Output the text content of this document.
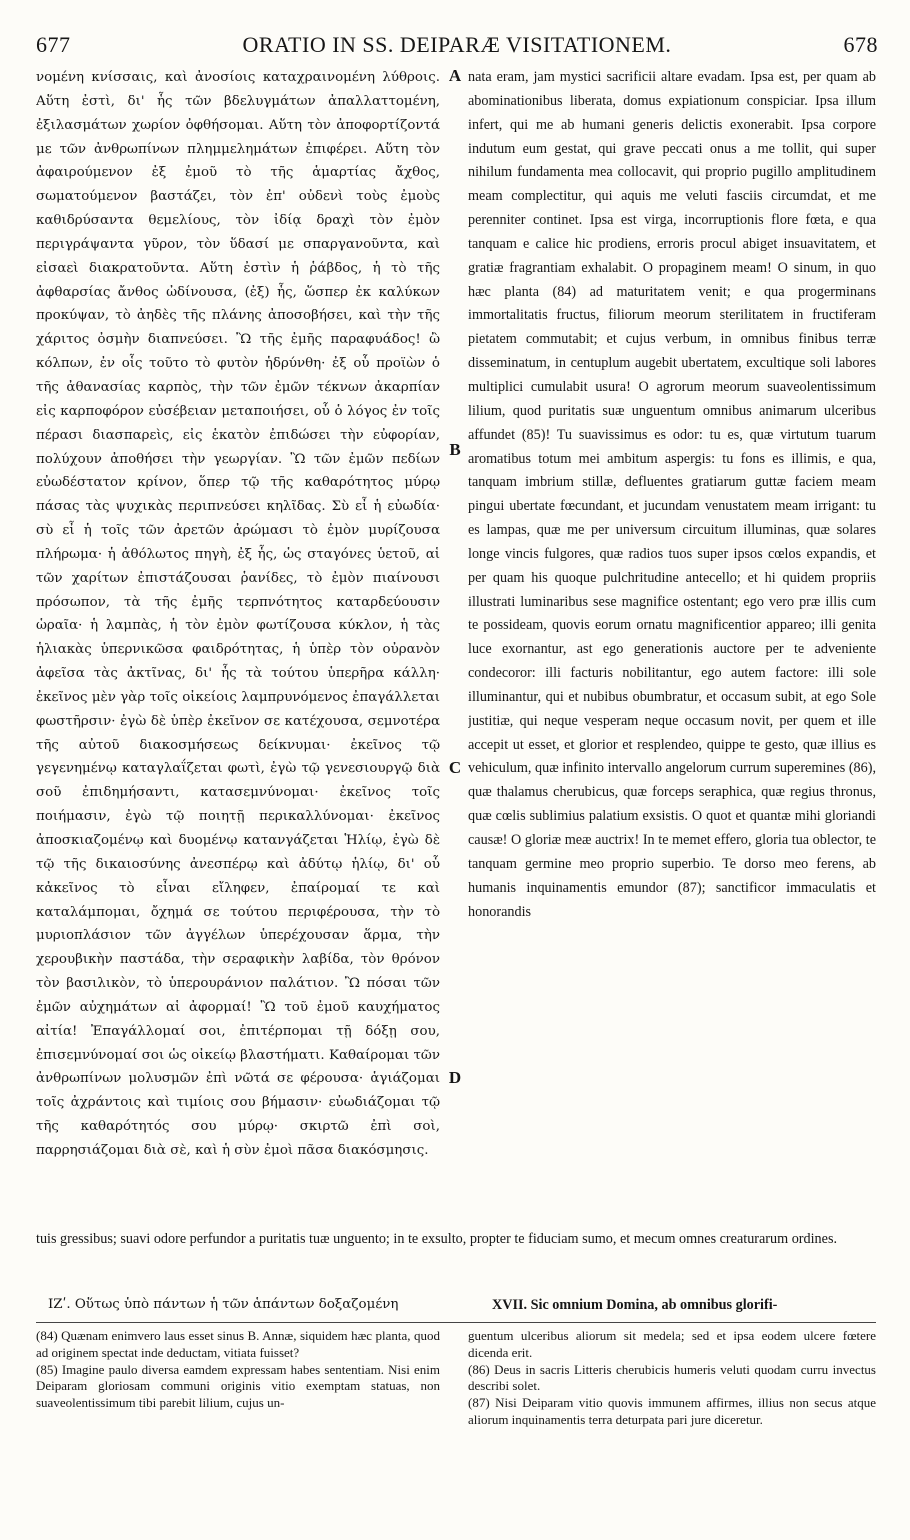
677	ORATIO IN SS. DEIPARÆ VISITATIONEM.	678

νομένη κνίσσαις, καὶ ἀνοσίοις καταχραινομένη λύθροις. Αὕτη ἐστὶ, δι' ἧς τῶν βδελυγμάτων ἀπαλλαττομένη, ἐξιλασμάτων χωρίον ὀφθήσομαι. Αὕτη τὸν ἀποφορτίζοντά με τῶν ἀνθρωπίνων πλημμελημάτων ἐπιφέρει. Αὕτη τὸν ἀφαιρούμενον ἐξ ἐμοῦ τὸ τῆς ἁμαρτίας ἄχθος, σωματούμενον βαστάζει, τὸν ἐπ' οὐδενὶ τοὺς ἐμοὺς καθιδρύσαντα θεμελίους, τὸν ἰδίᾳ δραχὶ τὸν ἐμὸν περιγράψαντα γῦρον, τὸν ὕδασί με σπαργανοῦντα, καὶ εἰσαεὶ διακρατοῦντα. Αὕτη ἐστὶν ἡ ῥάβδος, ἡ τὸ τῆς ἀφθαρσίας ἄνθος ὠδίνουσα, (ἐξ) ἧς, ὥσπερ ἐκ καλύκων προκύψαν, τὸ ἀηδὲς τῆς πλάνης ἀποσοβήσει, καὶ τὴν τῆς χάριτος ὀσμὴν διαπνεύσει. Ὢ τῆς ἐμῆς παραφυάδος! ὢ κόλπων, ἐν οἷς τοῦτο τὸ φυτὸν ἡδρύνθη· ἐξ οὗ προϊὼν ὁ τῆς ἀθανασίας καρπὸς, τὴν τῶν ἐμῶν τέκνων ἀκαρπίαν εἰς καρποφόρον εὐσέβειαν μεταποιήσει, οὗ ὁ λόγος ἐν τοῖς πέρασι διασπαρεὶς, εἰς ἑκατὸν ἐπιδώσει τὴν εὐφορίαν, πολύχουν ἀποθήσει τὴν γεωργίαν. Ὢ τῶν ἐμῶν πεδίων εὐωδέστατον κρίνον, ὅπερ τῷ τῆς καθαρότητος μύρῳ πάσας τὰς ψυχικὰς περιπνεύσει κηλῖδας. Σὺ εἶ ἡ εὐωδία· σὺ εἶ ἡ τοῖς τῶν ἀρετῶν ἀρώμασι τὸ ἐμὸν μυρίζουσα πλήρωμα· ἡ ἀθόλωτος πηγὴ, ἐξ ἧς, ὡς σταγόνες ὑετοῦ, αἱ τῶν χαρίτων ἐπιστάζουσαι ῥανίδες, τὸ ἐμὸν πιαίνουσι πρόσωπον, τὰ τῆς ἐμῆς τερπνότητος καταρδεύουσιν ὡραῖα· ἡ λαμπὰς, ἡ τὸν ἐμὸν φωτίζουσα κύκλον, ἡ τὰς ἡλιακὰς ὑπερνικῶσα φαιδρότητας, ἡ ὑπὲρ τὸν οὐρανὸν ἀφεῖσα τὰς ἀκτῖνας, δι' ἧς τὰ τούτου ὑπερῆρα κάλλη· ἐκεῖνος μὲν γὰρ τοῖς οἰκείοις λαμπρυνόμενος ἐπαγάλλεται φωστῆρσιν· ἐγὼ δὲ ὑπὲρ ἐκεῖνον σε κατέχουσα, σεμνοτέρα τῆς αὐτοῦ διακοσμήσεως δείκνυμαι· ἐκεῖνος τῷ γεγενημένῳ καταγλαΐζεται φωτὶ, ἐγὼ τῷ γενεσιουργῷ διὰ σοῦ ἐπιδημήσαντι, κατασεμνύνομαι· ἐκεῖνος τοῖς ποιήμασιν, ἐγὼ τῷ ποιητῇ περικαλλύνομαι· ἐκεῖνος ἀποσκιαζομένῳ καὶ δυομένῳ κατανγάζεται Ἡλίῳ, ἐγὼ δὲ τῷ τῆς δικαιοσύνης ἀνεσπέρῳ καὶ ἀδύτῳ ἡλίῳ, δι' οὗ κἀκεῖνος τὸ εἶναι εἴληφεν, ἐπαίρομαί τε καὶ καταλάμπομαι, ὄχημά σε τούτου περιφέρουσα, τὴν τὸ μυριοπλάσιον τῶν ἀγγέλων ὑπερέχουσαν ἅρμα, τὴν χερουβικὴν παστάδα, τὴν σεραφικὴν λαβίδα, τὸν θρόνον τὸν βασιλικὸν, τὸ ὑπερουράνιον παλάτιον. Ὢ πόσαι τῶν ἐμῶν αὐχημάτων αἱ ἀφορμαί! Ὢ τοῦ ἐμοῦ καυχήματος αἰτία! Ἐπαγάλλομαί σοι, ἐπιτέρπομαι τῇ δόξῃ σου, ἐπισεμνύνομαί σοι ὡς οἰκείῳ βλαστήματι. Καθαίρομαι τῶν ἀνθρωπίνων μολυσμῶν ἐπὶ νῶτά σε φέρουσα· ἁγιάζομαι τοῖς ἀχράντοις καὶ τιμίοις σου βήμασιν· εὐωδιάζομαι τῷ τῆς καθαρότητός σου μύρῳ· σκιρτῶ ἐπὶ σοὶ, παρρησιάζομαι διὰ σὲ, καὶ ἡ σὺν ἐμοὶ πᾶσα διακόσμησις.

A
B
C
D

nata eram, jam mystici sacrificii altare evadam. Ipsa est, per quam ab abominationibus liberata, domus expiationum conspiciar. Ipsa illum infert, qui me ab humani generis delictis exonerabit. Ipsa corpore indutum eum gestat, qui grave peccati onus a me tollit, qui super nihilum fundamenta mea collocavit, qui proprio pugillo amplitudinem meam complectitur, qui aquis me veluti fasciis circumdat, et me perenniter continet. Ipsa est virga, incorruptionis flore fœta, e qua tanquam e calice hic prodiens, erroris procul abiget insuavitatem, et gratiæ fragrantiam exhalabit. O propaginem meam! O sinum, in quo hæc planta (84) ad maturitatem venit; e qua progerminans immortalitatis fructus, filiorum meorum sterilitatem in fructiferam pietatem commutabit; et cujus verbum, in omnibus finibus terræ disseminatum, in centuplum augebit ubertatem, excultique soli labores multiplici cumulabit usura! O agrorum meorum suaveolentissimum lilium, quod puritatis suæ unguentum omnibus animarum ulceribus affundet (85)! Tu suavissimus es odor: tu es, quæ virtutum tuarum aromatibus totum mei ambitum aspergis: tu fons es illimis, e qua, tanquam imbrium stillæ, defluentes gratiarum guttæ faciem meam pingui ubertate fœcundant, et jucundam venustatem meam irrigant: tu es lampas, quæ me per universum circuitum illuminas, quæ solares longe vincis fulgores, quæ radios tuos super ipsos cœlos expandis, et per quam his quoque pulchritudine antecello; et hi quidem propriis illustrati luminaribus sese magnifice ostentant; ego vero præ illis cum te possideam, quovis eorum ornatu magnificentior appareo; illi genita luce exornantur, ast ego generationis auctore per te adveniente condecoror: illi facturis nobilitantur, ego autem factore: illi sole illuminantur, qui et nubibus obumbratur, et occasum subit, at ego Sole justitiæ, qui neque vesperam neque occasum novit, per quem et ille accepit ut esset, et glorior et resplendeo, quippe te gesto, quæ illius es vehiculum, quæ infinito intervallo angelorum currum superemines (86), quæ thalamus cherubicus, quæ forceps seraphica, quæ regius thronus, quæ cœlis sublimius palatium exsistis. O quot et quantæ mihi gloriandi causæ! O gloriæ meæ auctrix! In te memet effero, gloria tua oblector, te tanquam germine meo proprio superbio. Te dorso meo ferens, ab humanis inquinamentis emundor (87); sanctificor immaculatis et honorandis

tuis gressibus; suavi odore perfundor a puritatis tuæ unguento; in te exsulto, propter te fiduciam sumo, et mecum omnes creaturarum ordines.

ΙΖʹ. Οὕτως ὑπὸ πάντων ἡ τῶν ἁπάντων δοξαζομένη	XVII. Sic omnium Domina, ab omnibus glorifi-

(84) Quænam enimvero laus esset sinus B. Annæ, siquidem hæc planta, quod ad originem spectat inde deductam, vitiata fuisset?

(85) Imagine paulo diversa eamdem expressam habes sententiam. Nisi enim Deiparam gloriosam communi originis vitio exemptam statuas, non suaveolentissimum tibi parebit lilium, cujus un-

guentum ulceribus aliorum sit medela; sed et ipsa eodem ulcere fœtere dicenda erit.

(86) Deus in sacris Litteris cherubicis humeris veluti quodam curru invectus describi solet.

(87) Nisi Deiparam vitio quovis immunem affirmes, illius non secus atque aliorum inquinamentis terra deturpata pari jure diceretur.
